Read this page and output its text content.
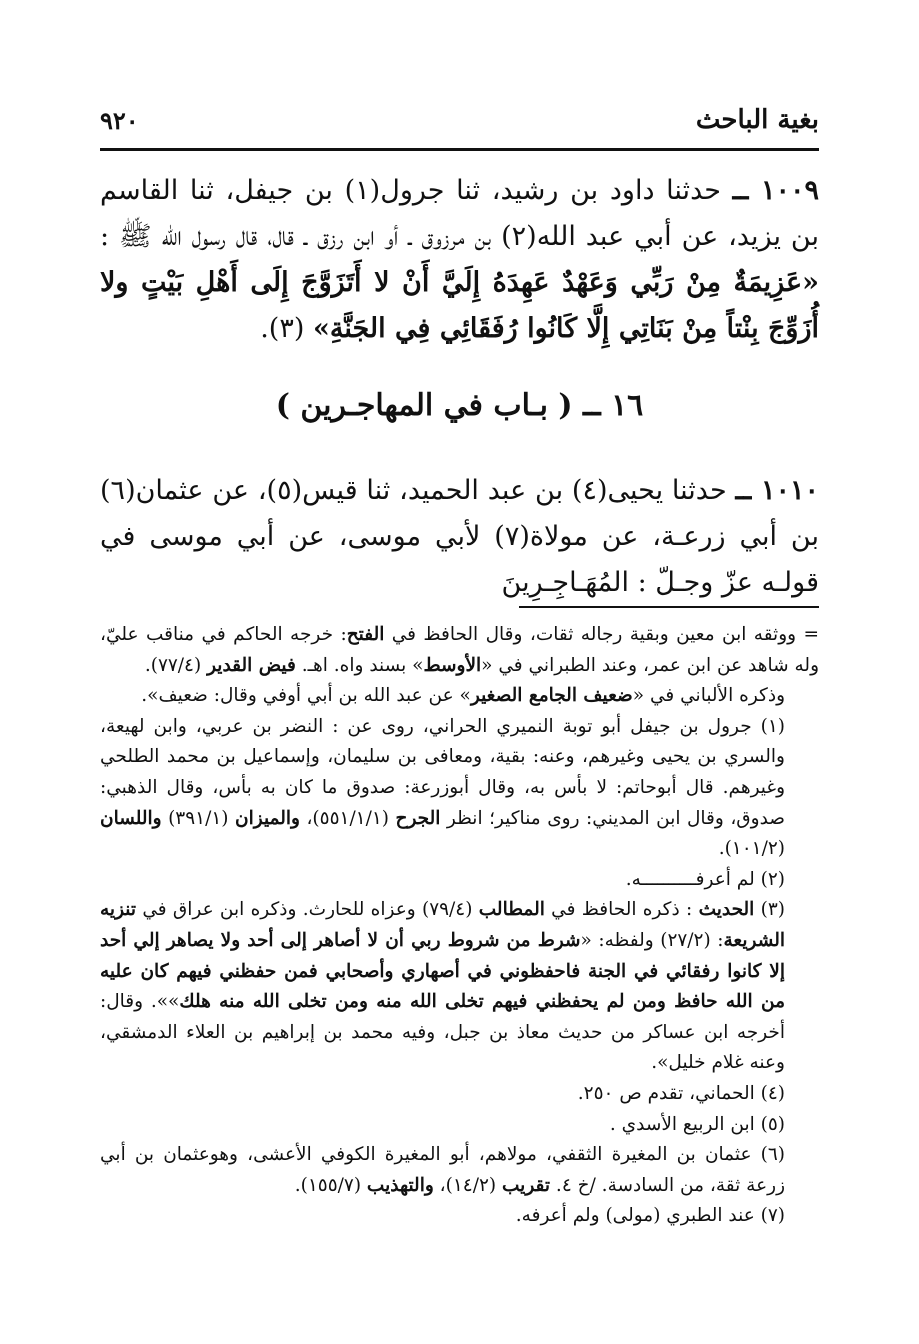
بغية الباحث
٩٢٠
١٠٠٩ ــ حدثنا داود بن رشيد، ثنا جرول(١) بن جيفل، ثنا القاسم بن يزيد، عن أبي عبد الله(٢) بن مرزوق ـ أو ابن رزق ـ قال، قال رسول الله ﷺ : «عَزِيمَةٌ مِنْ رَبِّي وَعَهْدٌ عَهِدَهُ إِلَيَّ أَنْ لا أَتَزَوَّجَ إِلَى أَهْلِ بَيْتٍ ولا أُزَوِّجَ بِنْتاً مِنْ بَنَاتِي إِلَّا كَانُوا رُفَقَائِي فِي الجَنَّةِ» (٣).
١٦ ــ ( بـاب في المهاجـرين )
١٠١٠ ــ حدثنا يحيى(٤) بن عبد الحميد، ثنا قيس(٥)، عن عثمان(٦) بن أبي زرعـة، عن مولاة(٧) لأبي موسى، عن أبي موسى في قولـه عزّ وجـلّ : المُهَـاجِـرِينَ

= ووثقه ابن معين وبقية رجاله ثقات، وقال الحافظ في الفتح: خرجه الحاكم في مناقب عليّ، وله شاهد عن ابن عمر، وعند الطبراني في «الأوسط» بسند واه. اهـ. فيض القدير (٧٧/٤).

وذكره الألباني في «ضعيف الجامع الصغير» عن عبد الله بن أبي أوفي وقال: ضعيف».

(١) جرول بن جيفل أبو توبة النميري الحراني، روى عن : النضر بن عربي، وابن لهيعة، والسري بن يحيى وغيرهم، وعنه: بقية، ومعافى بن سليمان، وإسماعيل بن محمد الطلحي وغيرهم. قال أبوحاتم: لا بأس به، وقال أبوزرعة: صدوق ما كان به بأس، وقال الذهبي: صدوق، وقال ابن المديني: روى مناكير؛ انظر الجرح (٥٥١/١/١)، والميزان (٣٩١/١) واللسان (١٠١/٢).

(٢) لم أعرفــــــــــه.

(٣) الحديث : ذكره الحافظ في المطالب (٧٩/٤) وعزاه للحارث. وذكره ابن عراق في تنزيه الشريعة: (٢٧/٢) ولفظه: «شرط من شروط ربي أن لا أصاهر إلى أحد ولا يصاهر إلي أحد إلا كانوا رفقائي في الجنة فاحفظوني في أصهاري وأصحابي فمن حفظني فيهم كان عليه من الله حافظ ومن لم يحفظني فيهم تخلى الله منه ومن تخلى الله منه هلك»». وقال: أخرجه ابن عساكر من حديث معاذ بن جبل، وفيه محمد بن إبراهيم بن العلاء الدمشقي، وعنه غلام خليل».

(٤) الحماني، تقدم ص ٢٥٠.

(٥) ابن الربيع الأسدي .

(٦) عثمان بن المغيرة الثقفي، مولاهم، أبو المغيرة الكوفي الأعشى، وهوعثمان بن أبي زرعة ثقة، من السادسة. /خ ٤. تقريب (١٤/٢)، والتهذيب (١٥٥/٧).

(٧) عند الطبري (مولى) ولم أعرفه.
